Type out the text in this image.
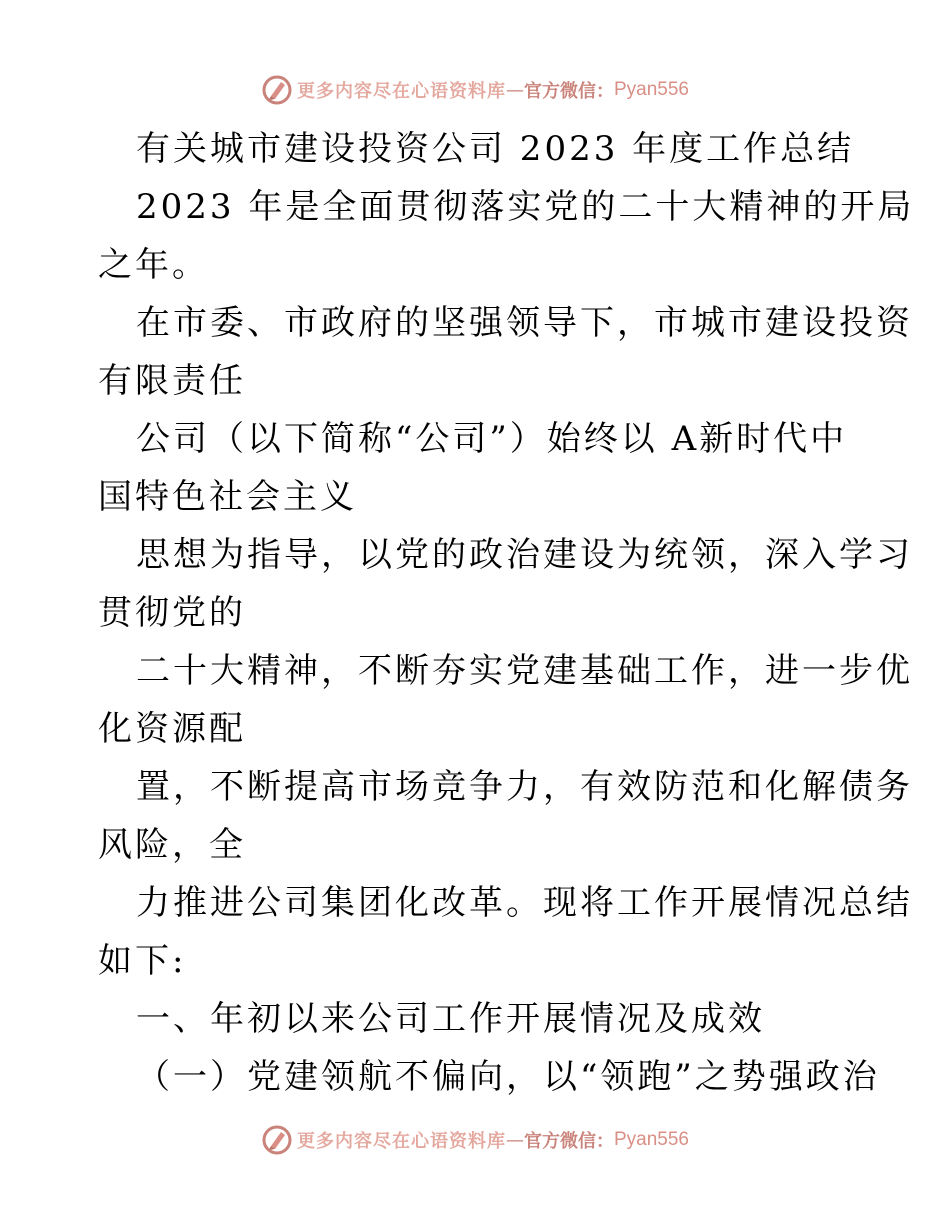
更多内容尽在心语资料库 — 官方微信： Pyan556
有关城市建设投资公司 2023 年度工作总结
2023 年是全面贯彻落实党的二十大精神的开局
之年。
在市委、市政府的坚强领导下，市城市建设投资
有限责任
公司（以下简称“公司”）始终以 A新时代中
国特色社会主义
思想为指导，以党的政治建设为统领，深入学习
贯彻党的
二十大精神，不断夯实党建基础工作，进一步优
化资源配
置，不断提高市场竞争力，有效防范和化解债务
风险，全
力推进公司集团化改革。现将工作开展情况总结
如下:
一、年初以来公司工作开展情况及成效
（一）党建领航不偏向，以“领跑”之势强政治
更多内容尽在心语资料库 — 官方微信： Pyan556
